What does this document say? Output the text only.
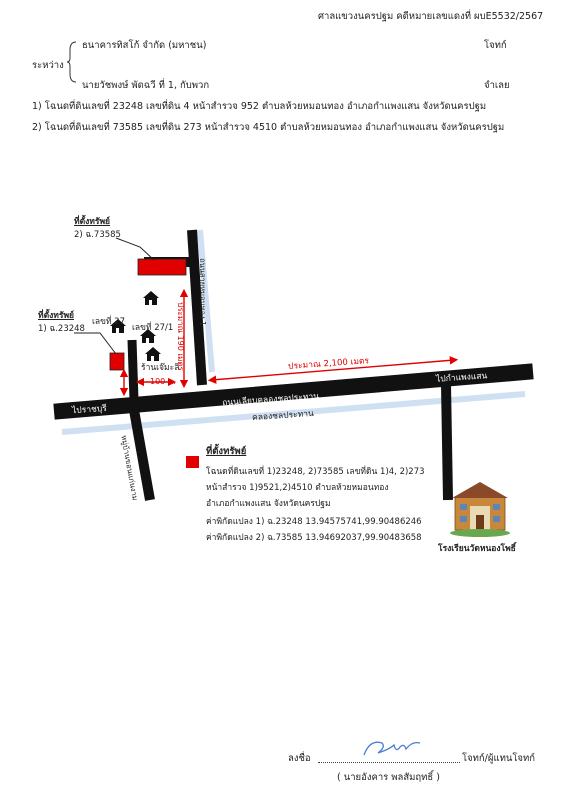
ศาลแขวงนครปฐม คดีหมายเลขแดงที่ ผบE5532/2567
ธนาคารทิสโก้ จำกัด (มหาชน)	โจทก์
ระหว่าง
นายวัชพงษ์ พัดฉวี ที่ 1, กับพวก	จำเลย
1) โฉนดที่ดินเลขที่ 23248 เลขที่ดิน 4 หน้าสำรวจ 952 ตำบลห้วยหมอนทอง อำเภอกำแพงแสน จังหวัดนครปฐม
2) โฉนดที่ดินเลขที่ 73585 เลขที่ดิน 273 หน้าสำรวจ 4510 ตำบลห้วยหมอนทอง อำเภอกำแพงแสน จังหวัดนครปฐม
ที่ตั้งทรัพย์
2) ฉ.73585
ที่ตั้งทรัพย์
1) ฉ.23248
เลขที่ 27
เลขที่ 27/1
ร้านเจ๊มะลิ
100 ม.
ประมาณ 190 เมตร
ถนนสายหมอนทอง 1
ประมาณ 2,100 เมตร
ถนนเลียบคลองชลประทาน
คลองชลประทาน
ไปราชบุรี
ไปกำแพงแสน
หมู่บ้านขอนแก่นงาม
โรงเรียนวัดหนองโพธิ์
ที่ตั้งทรัพย์
โฉนดที่ดินเลขที่ 1)23248, 2)73585 เลขที่ดิน 1)4, 2)273
หน้าสำรวจ 1)9521,2)4510 ตำบลห้วยหมอนทอง
อำเภอกำแพงแสน จังหวัดนครปฐม
ค่าพิกัดแปลง 1) ฉ.23248 13.94575741,99.90486246
ค่าพิกัดแปลง 2) ฉ.73585 13.94692037,99.90483658
ลงชื่อ	โจทก์/ผู้แทนโจทก์
( นายอังคาร พลสัมฤทธิ์ )
